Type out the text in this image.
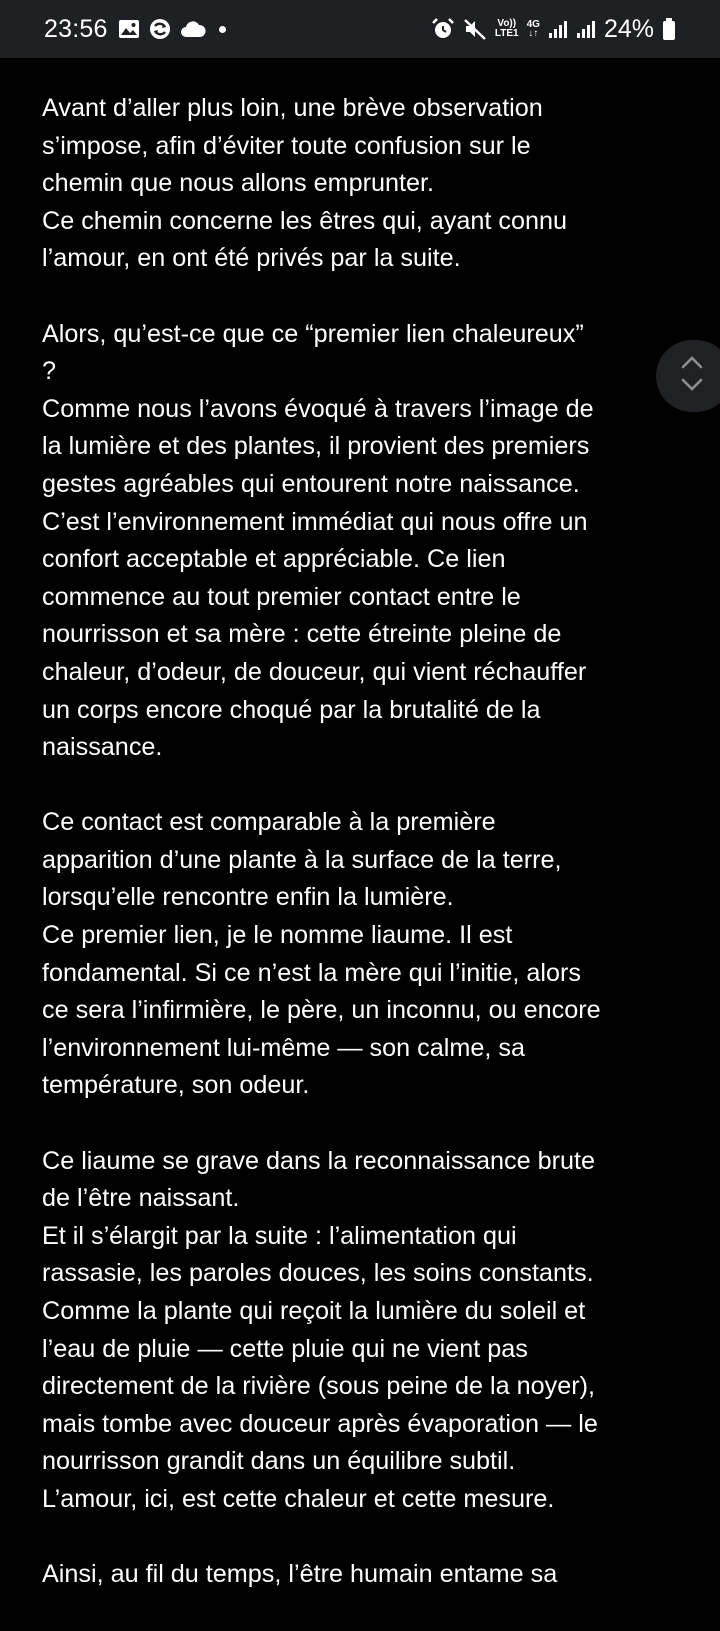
23:56	Vo))
LTE1
4G
↓↑	24%
Avant d’aller plus loin, une brève observation
s’impose, afin d’éviter toute confusion sur le
chemin que nous allons emprunter.
Ce chemin concerne les êtres qui, ayant connu
l’amour, en ont été privés par la suite.
Alors, qu’est-ce que ce “premier lien chaleureux”
?
Comme nous l’avons évoqué à travers l’image de
la lumière et des plantes, il provient des premiers
gestes agréables qui entourent notre naissance.
C’est l’environnement immédiat qui nous offre un
confort acceptable et appréciable. Ce lien
commence au tout premier contact entre le
nourrisson et sa mère : cette étreinte pleine de
chaleur, d’odeur, de douceur, qui vient réchauffer
un corps encore choqué par la brutalité de la
naissance.
Ce contact est comparable à la première
apparition d’une plante à la surface de la terre,
lorsqu’elle rencontre enfin la lumière.
Ce premier lien, je le nomme liaume. Il est
fondamental. Si ce n’est la mère qui l’initie, alors
ce sera l’infirmière, le père, un inconnu, ou encore
l’environnement lui-même — son calme, sa
température, son odeur.
Ce liaume se grave dans la reconnaissance brute
de l’être naissant.
Et il s’élargit par la suite : l’alimentation qui
rassasie, les paroles douces, les soins constants.
Comme la plante qui reçoit la lumière du soleil et
l’eau de pluie — cette pluie qui ne vient pas
directement de la rivière (sous peine de la noyer),
mais tombe avec douceur après évaporation — le
nourrisson grandit dans un équilibre subtil.
L’amour, ici, est cette chaleur et cette mesure.
Ainsi, au fil du temps, l’être humain entame sa
